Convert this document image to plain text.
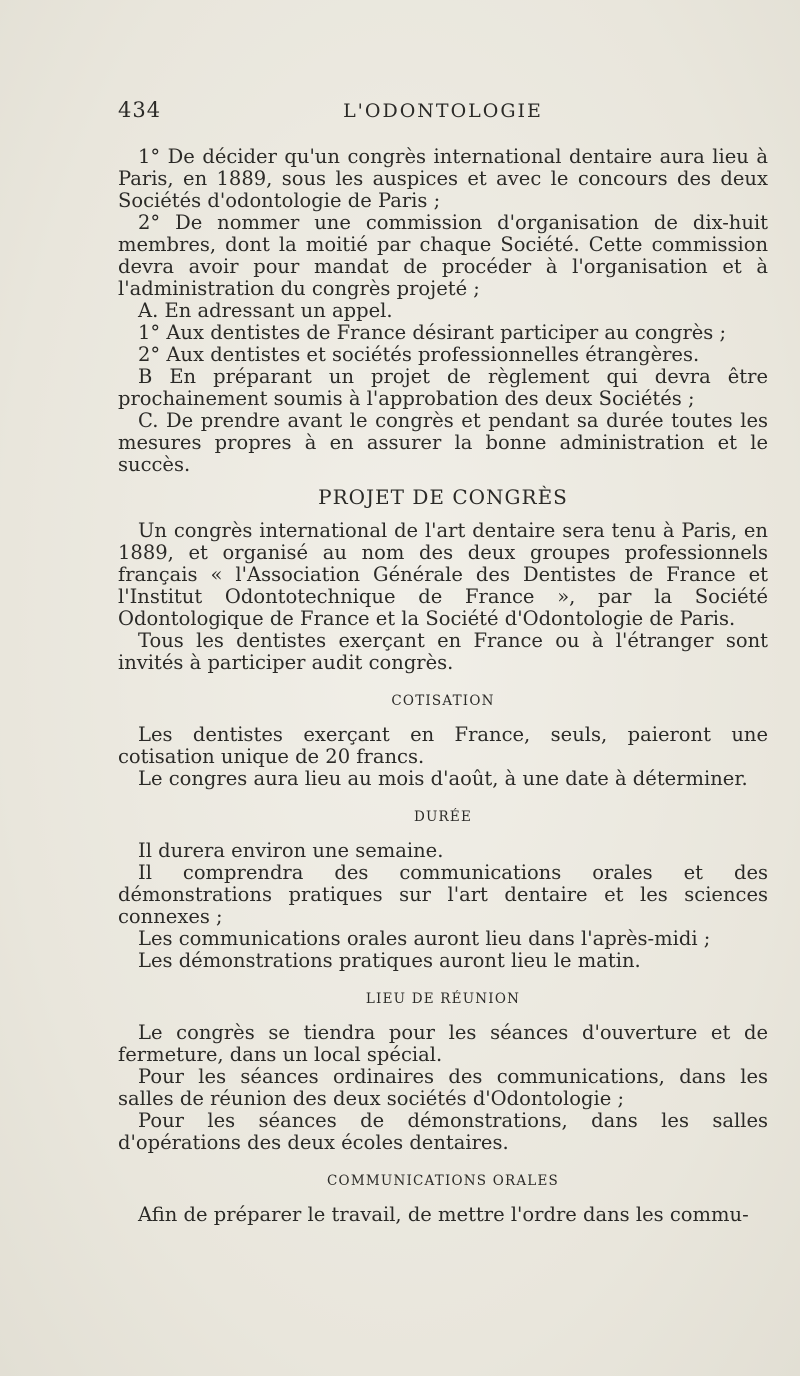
434	L'ODONTOLOGIE

1° De décider qu'un congrès international dentaire aura lieu à Paris, en 1889, sous les auspices et avec le concours des deux Sociétés d'odontologie de Paris ;

2° De nommer une commission d'organisation de dix-huit membres, dont la moitié par chaque Société. Cette commission devra avoir pour mandat de procéder à l'organisation et à l'administration du congrès projeté ;

A. En adressant un appel.

1° Aux dentistes de France désirant participer au congrès ;

2° Aux dentistes et sociétés professionnelles étrangères.

B En préparant un projet de règlement qui devra être prochainement soumis à l'approbation des deux Sociétés ;

C. De prendre avant le congrès et pendant sa durée toutes les mesures propres à en assurer la bonne administration et le succès.

PROJET DE CONGRÈS

Un congrès international de l'art dentaire sera tenu à Paris, en 1889, et organisé au nom des deux groupes professionnels français « l'Association Générale des Dentistes de France et l'Institut Odontotechnique de France », par la Société Odontologique de France et la Société d'Odontologie de Paris.

Tous les dentistes exerçant en France ou à l'étranger sont invités à participer audit congrès.

COTISATION

Les dentistes exerçant en France, seuls, paieront une cotisation unique de 20 francs.

Le congres aura lieu au mois d'août, à une date à déterminer.

DURÉE

Il durera environ une semaine.

Il comprendra des communications orales et des démonstrations pratiques sur l'art dentaire et les sciences connexes ;

Les communications orales auront lieu dans l'après-midi ;

Les démonstrations pratiques auront lieu le matin.

LIEU DE RÉUNION

Le congrès se tiendra pour les séances d'ouverture et de fermeture, dans un local spécial.

Pour les séances ordinaires des communications, dans les salles de réunion des deux sociétés d'Odontologie ;

Pour les séances de démonstrations, dans les salles d'opérations des deux écoles dentaires.

COMMUNICATIONS ORALES

Afin de préparer le travail, de mettre l'ordre dans les commu-
